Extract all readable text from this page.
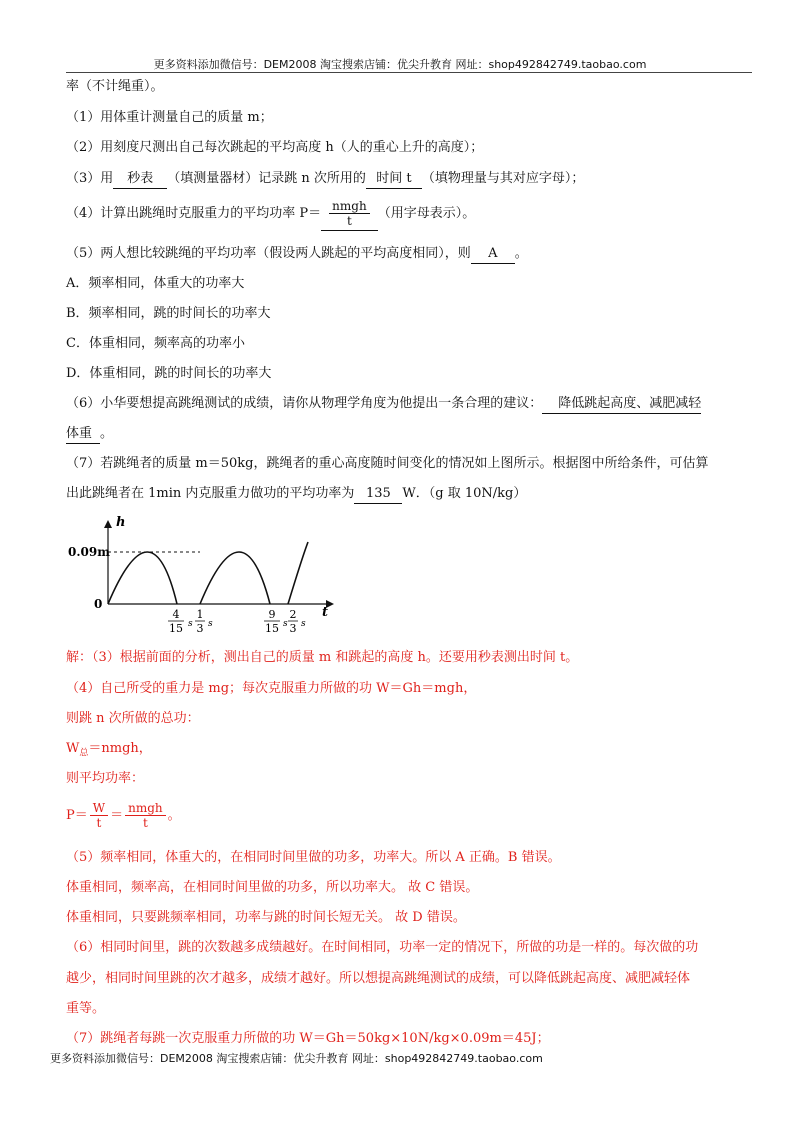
更多资料添加微信号：DEM2008 淘宝搜索店铺：优尖升教育 网址：shop492842749.taobao.com
率（不计绳重）。
（1）用体重计测量自己的质量 m；
（2）用刻度尺测出自己每次跳起的平均高度 h（人的重心上升的高度）；
（3）用 秒表 （填测量器材）记录跳 n 次所用的 时间 t （填物理量与其对应字母）；
（4）计算出跳绳时克服重力的平均功率 $P= \frac{\text{nmgh}}{t}$ （用字母表示）。
（5）两人想比较跳绳的平均功率（假设两人跳起的平均高度相同），则 A 。
A．频率相同，体重大的功率大
B．频率相同，跳的时间长的功率大
C．体重相同，频率高的功率小
D．体重相同，跳的时间长的功率大
（6）小华要想提高跳绳测试的成绩，请你从物理学角度为他提出一条合理的建议： 降低跳起高度、减肥减轻
体重 。
（7）若跳绳者的质量 m＝50kg，跳绳者的重心高度随时间变化的情况如上图所示。根据图中所给条件，可估算
出此跳绳者在 1min 内克服重力做功的平均功率为 135 W．（g 取 10N/kg）
h
0.09m
0
t
4
15 s
1
3 s
9
15 s
2
3 s
解：（3）根据前面的分析，测出自己的质量 m 和跳起的高度 h。还要用秒表测出时间 t。
（4）自己所受的重力是 mg；每次克服重力所做的功 W＝Gh＝mgh，
则跳 n 次所做的总功：
$W_总=nmgh$，
则平均功率：
$P= \frac{W}{t} = \frac{\text{nmgh}}{t}$ 。
（5）频率相同，体重大的，在相同时间里做的功多，功率大。所以 A 正确。B 错误。
体重相同，频率高，在相同时间里做的功多，所以功率大。 故 C 错误。
体重相同，只要跳频率相同，功率与跳的时间长短无关。 故 D 错误。
（6）相同时间里，跳的次数越多成绩越好。在时间相同，功率一定的情况下，所做的功是一样的。每次做的功
越少，相同时间里跳的次才越多，成绩才越好。所以想提高跳绳测试的成绩，可以降低跳起高度、减肥减轻体
重等。
（7）跳绳者每跳一次克服重力所做的功 W＝Gh＝50kg×10N/kg×0.09m＝45J；
更多资料添加微信号：DEM2008 淘宝搜索店铺：优尖升教育 网址：shop492842749.taobao.com
